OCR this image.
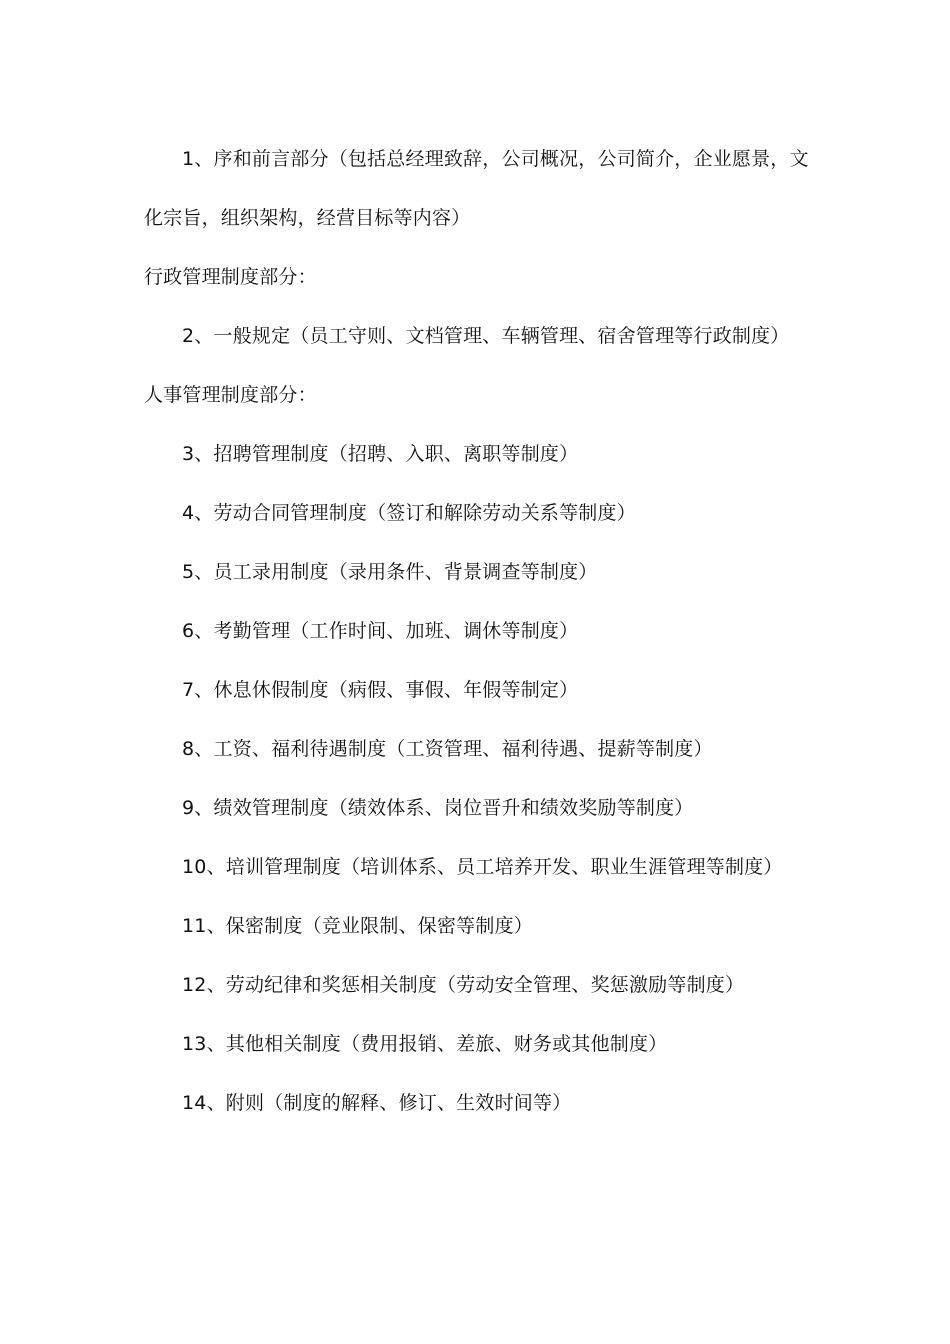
1、序和前言部分（包括总经理致辞，公司概况，公司简介，企业愿景，文
化宗旨，组织架构，经营目标等内容）
行政管理制度部分：
2、一般规定（员工守则、文档管理、车辆管理、宿舍管理等行政制度）
人事管理制度部分：
3、招聘管理制度（招聘、入职、离职等制度）
4、劳动合同管理制度（签订和解除劳动关系等制度）
5、员工录用制度（录用条件、背景调查等制度）
6、考勤管理（工作时间、加班、调休等制度）
7、休息休假制度（病假、事假、年假等制定）
8、工资、福利待遇制度（工资管理、福利待遇、提薪等制度）
9、绩效管理制度（绩效体系、岗位晋升和绩效奖励等制度）
10、培训管理制度（培训体系、员工培养开发、职业生涯管理等制度）
11、保密制度（竞业限制、保密等制度）
12、劳动纪律和奖惩相关制度（劳动安全管理、奖惩激励等制度）
13、其他相关制度（费用报销、差旅、财务或其他制度）
14、附则（制度的解释、修订、生效时间等）
